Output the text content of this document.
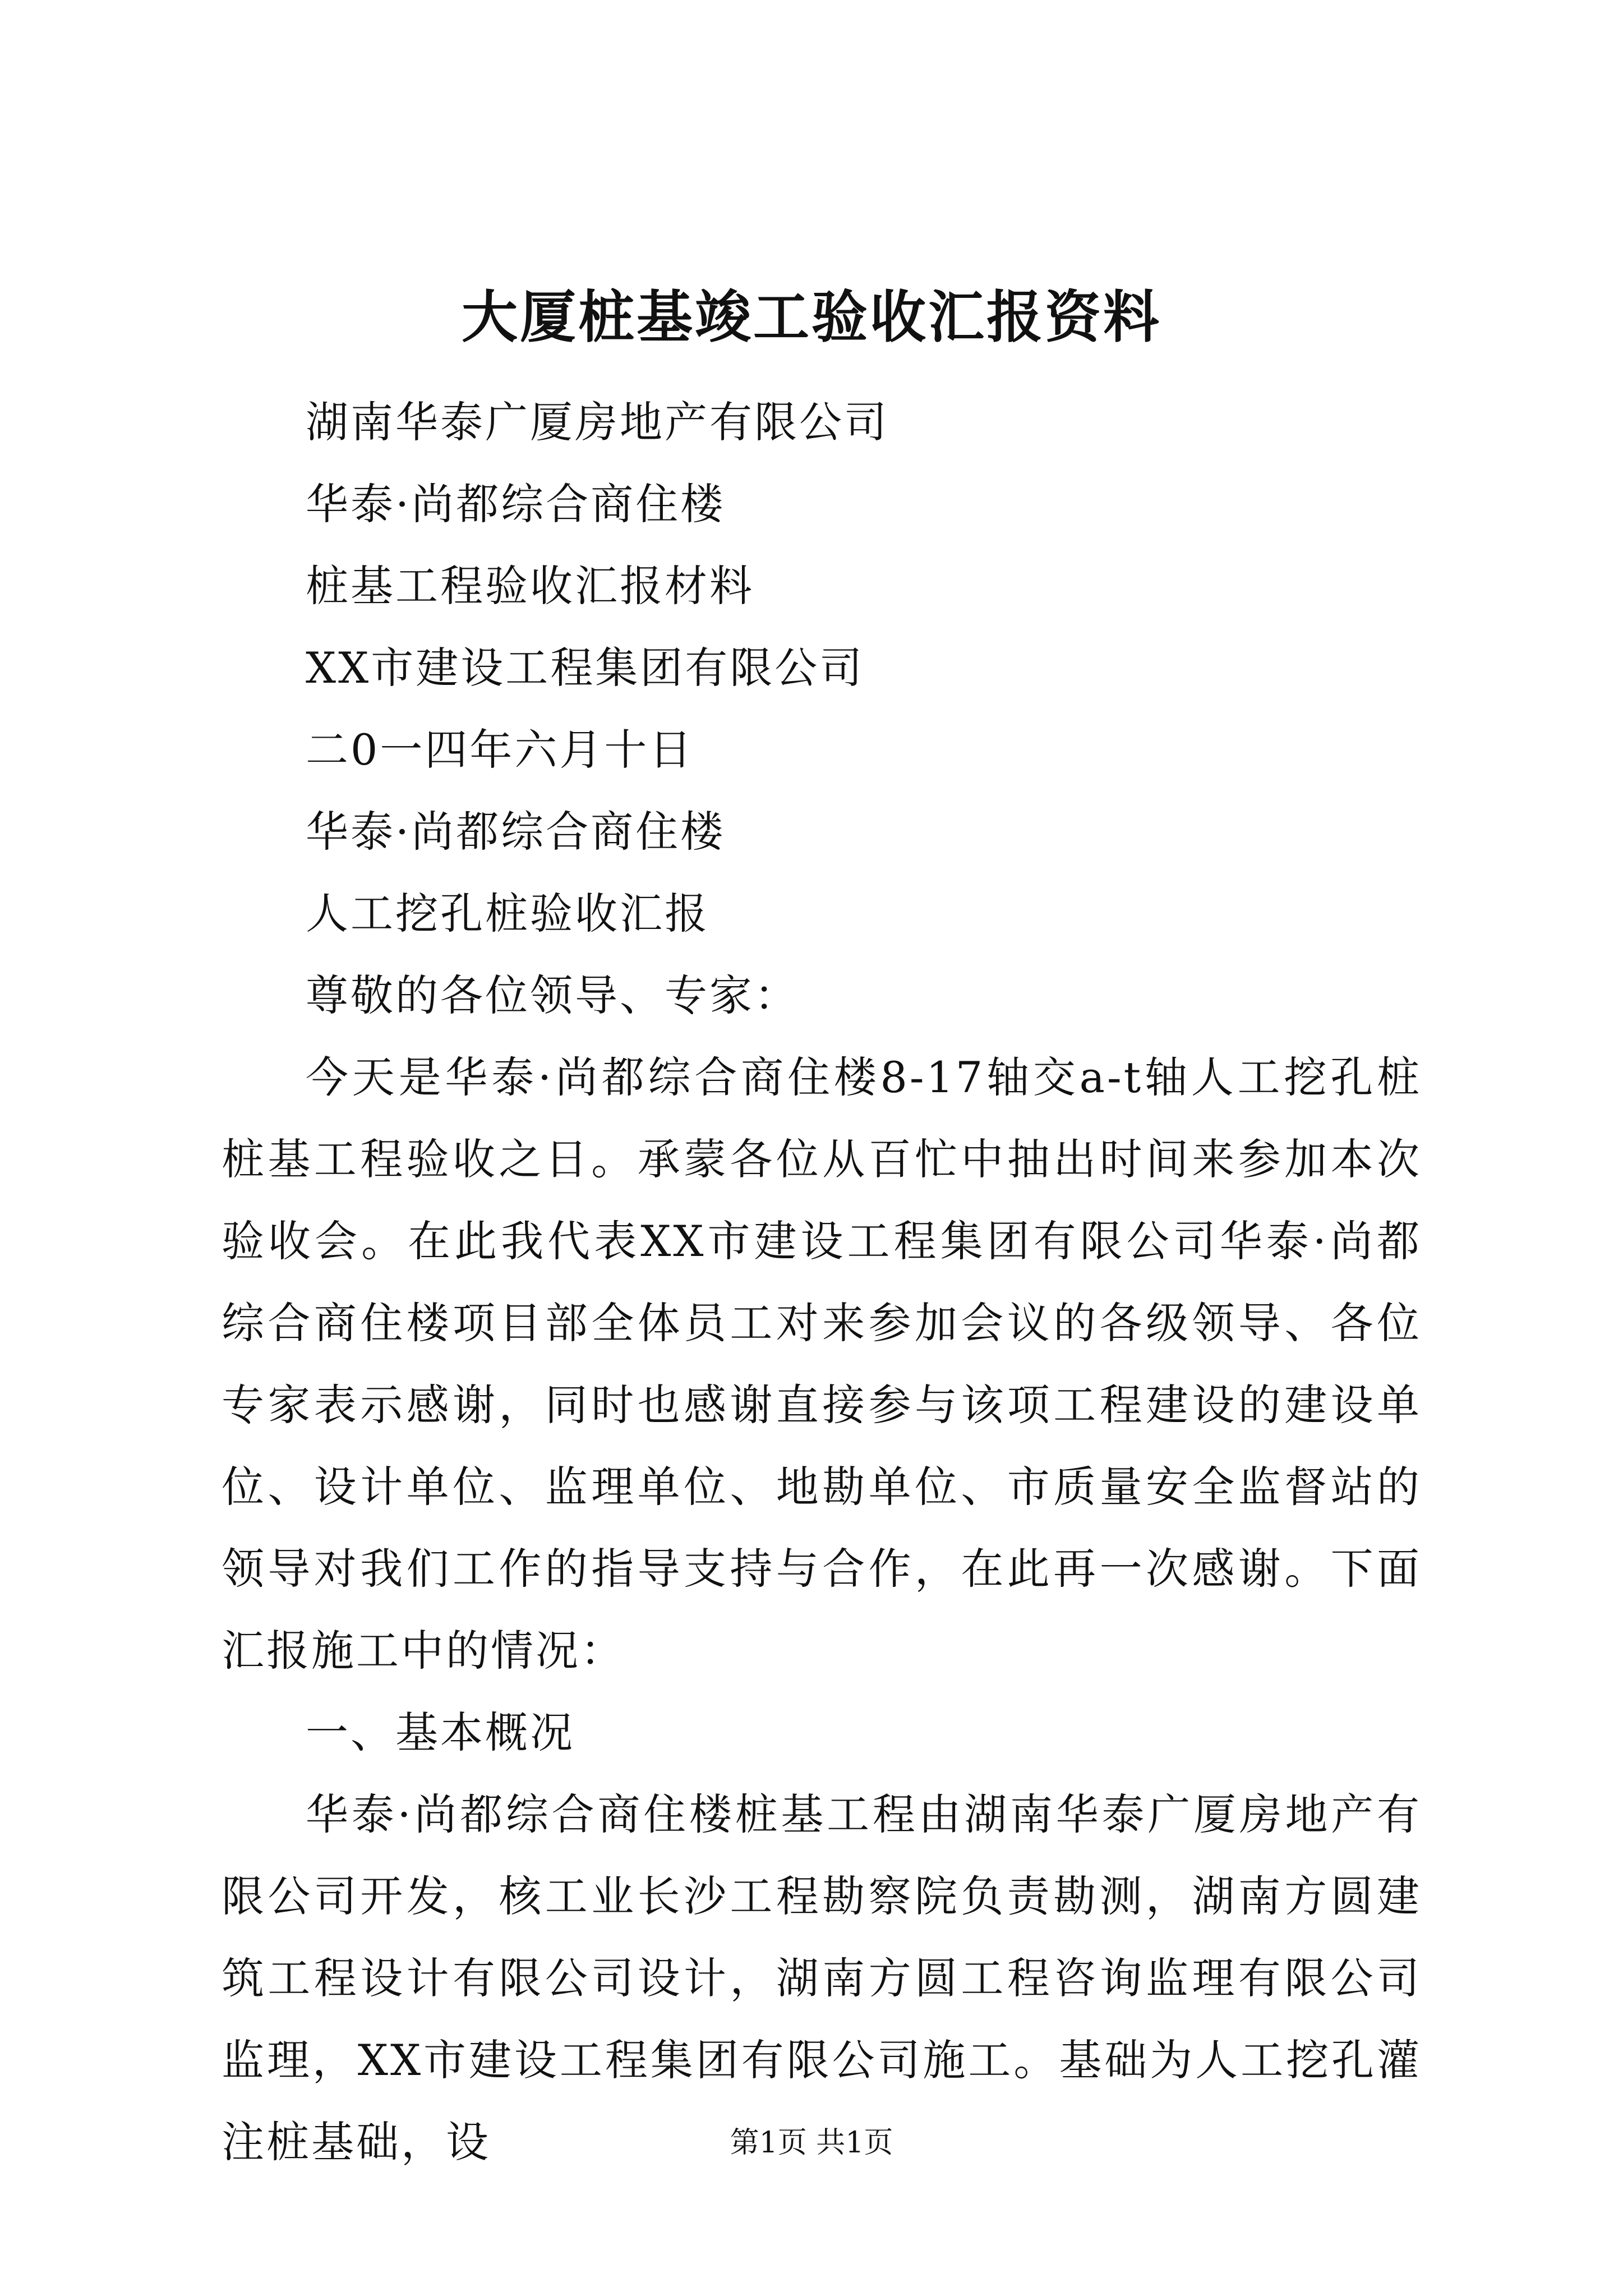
大厦桩基竣工验收汇报资料
湖南华泰广厦房地产有限公司
华泰·尚都综合商住楼
桩基工程验收汇报材料
XX市建设工程集团有限公司
二0一四年六月十日
华泰·尚都综合商住楼
人工挖孔桩验收汇报
尊敬的各位领导、专家：

今天是华泰·尚都综合商住楼8-17轴交a-t轴人工挖孔桩桩基工程验收之日。承蒙各位从百忙中抽出时间来参加本次验收会。在此我代表XX市建设工程集团有限公司华泰·尚都综合商住楼项目部全体员工对来参加会议的各级领导、各位专家表示感谢，同时也感谢直接参与该项工程建设的建设单位、设计单位、监理单位、地勘单位、市质量安全监督站的领导对我们工作的指导支持与合作，在此再一次感谢。下面汇报施工中的情况：

一、基本概况

华泰·尚都综合商住楼桩基工程由湖南华泰广厦房地产有限公司开发，核工业长沙工程勘察院负责勘测，湖南方圆建筑工程设计有限公司设计，湖南方圆工程咨询监理有限公司监理，XX市建设工程集团有限公司施工。基础为人工挖孔灌注桩基础，设	第1页 共1页
